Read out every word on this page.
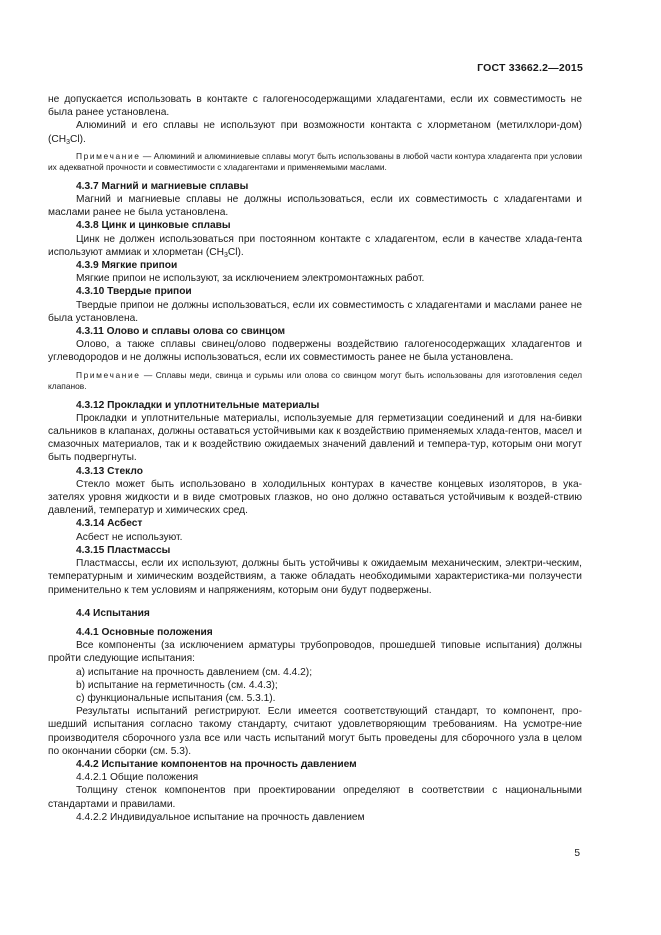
ГОСТ 33662.2—2015

не допускается использовать в контакте с галогеносодержащими хладагентами, если их совместимость не была ранее установлена.

Алюминий и его сплавы не используют при возможности контакта с хлорметаном (метилхлори-дом) $(CH_3Cl)$.

Примечание — Алюминий и алюминиевые сплавы могут быть использованы в любой части контура хладагента при условии их адекватной прочности и совместимости с хладагентами и применяемыми маслами.

4.3.7 Магний и магниевые сплавы

Магний и магниевые сплавы не должны использоваться, если их совместимость с хладагентами и маслами ранее не была установлена.

4.3.8 Цинк и цинковые сплавы

Цинк не должен использоваться при постоянном контакте с хладагентом, если в качестве хлада-гента используют аммиак и хлорметан $(CH_3Cl)$.

4.3.9 Мягкие припои

Мягкие припои не используют, за исключением электромонтажных работ.

4.3.10 Твердые припои

Твердые припои не должны использоваться, если их совместимость с хладагентами и маслами ранее не была установлена.

4.3.11 Олово и сплавы олова со свинцом

Олово, а также сплавы свинец/олово подвержены воздействию галогеносодержащих хладагентов и углеводородов и не должны использоваться, если их совместимость ранее не была установлена.

Примечание — Сплавы меди, свинца и сурьмы или олова со свинцом могут быть использованы для изготовления седел клапанов.

4.3.12 Прокладки и уплотнительные материалы

Прокладки и уплотнительные материалы, используемые для герметизации соединений и для на-бивки сальников в клапанах, должны оставаться устойчивыми как к воздействию применяемых хлада-гентов, масел и смазочных материалов, так и к воздействию ожидаемых значений давлений и темпера-тур, которым они могут быть подвергнуты.

4.3.13 Стекло

Стекло может быть использовано в холодильных контурах в качестве концевых изоляторов, в ука-зателях уровня жидкости и в виде смотровых глазков, но оно должно оставаться устойчивым к воздей-ствию давлений, температур и химических сред.

4.3.14 Асбест

Асбест не используют.

4.3.15 Пластмассы

Пластмассы, если их используют, должны быть устойчивы к ожидаемым механическим, электри-ческим, температурным и химическим воздействиям, а также обладать необходимыми характеристика-ми ползучести применительно к тем условиям и напряжениям, которым они будут подвержены.

4.4 Испытания

4.4.1 Основные положения

Все компоненты (за исключением арматуры трубопроводов, прошедшей типовые испытания) должны пройти следующие испытания:

a) испытание на прочность давлением (см. 4.4.2);

b) испытание на герметичность (см. 4.4.3);

c) функциональные испытания (см. 5.3.1).

Результаты испытаний регистрируют. Если имеется соответствующий стандарт, то компонент, про-шедший испытания согласно такому стандарту, считают удовлетворяющим требованиям. На усмотре-ние производителя сборочного узла все или часть испытаний могут быть проведены для сборочного узла в целом по окончании сборки (см. 5.3).

4.4.2 Испытание компонентов на прочность давлением

4.4.2.1 Общие положения

Толщину стенок компонентов при проектировании определяют в соответствии с национальными стандартами и правилами.

4.4.2.2 Индивидуальное испытание на прочность давлением

5
